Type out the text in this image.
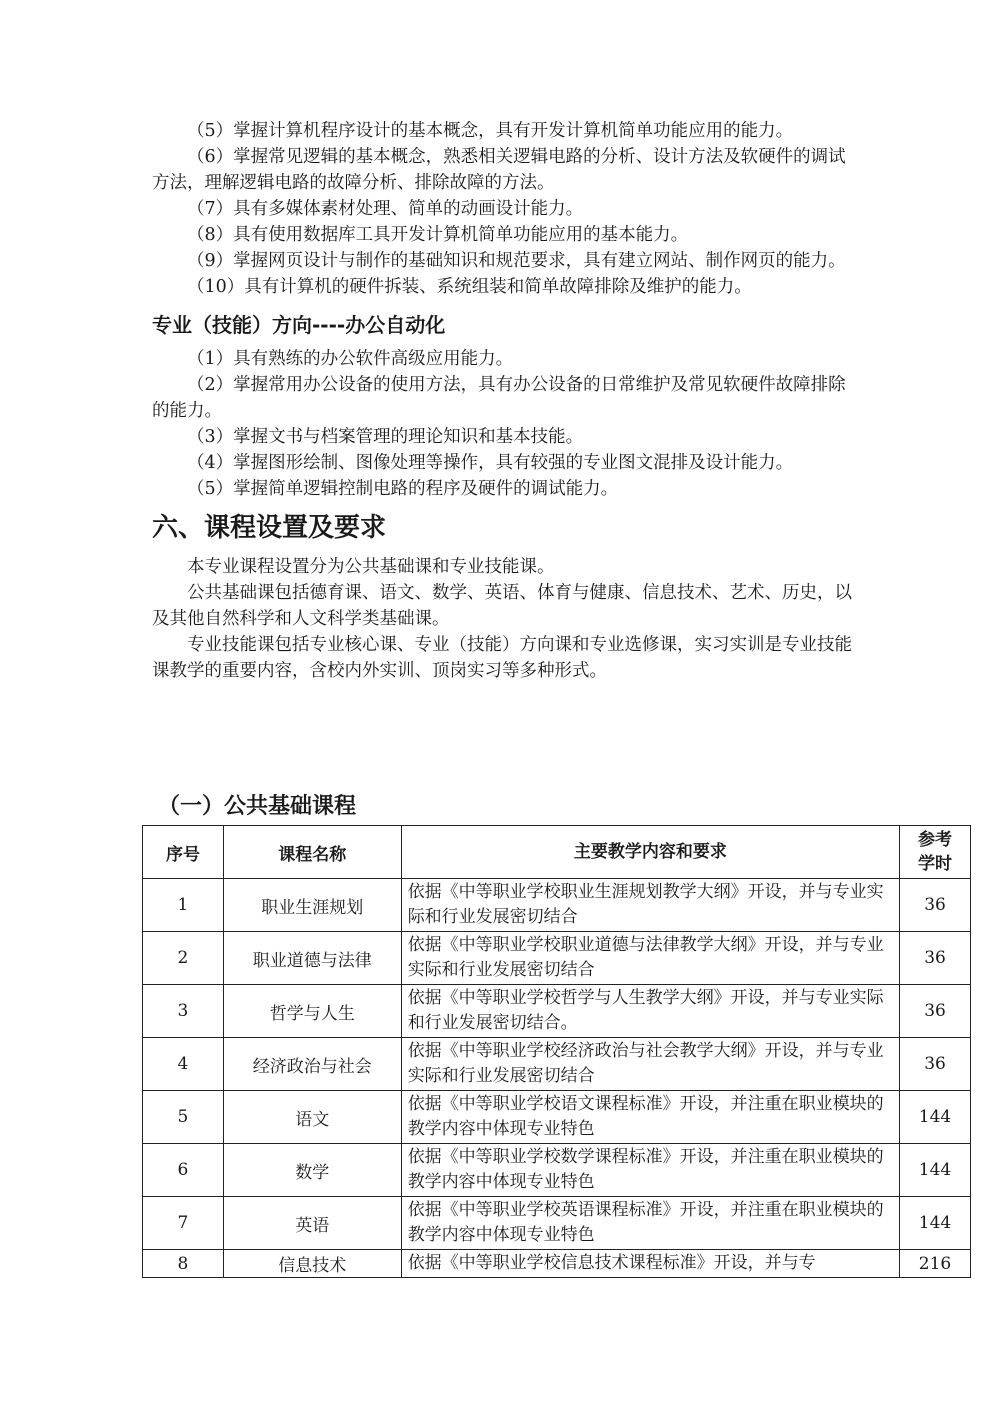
（5）掌握计算机程序设计的基本概念，具有开发计算机简单功能应用的能力。

（6）掌握常见逻辑的基本概念，熟悉相关逻辑电路的分析、设计方法及软硬件的调试方法，理解逻辑电路的故障分析、排除故障的方法。

（7）具有多媒体素材处理、简单的动画设计能力。

（8）具有使用数据库工具开发计算机简单功能应用的基本能力。

（9）掌握网页设计与制作的基础知识和规范要求，具有建立网站、制作网页的能力。

（10）具有计算机的硬件拆装、系统组装和简单故障排除及维护的能力。

专业（技能）方向----办公自动化

（1）具有熟练的办公软件高级应用能力。

（2）掌握常用办公设备的使用方法，具有办公设备的日常维护及常见软硬件故障排除的能力。

（3）掌握文书与档案管理的理论知识和基本技能。

（4）掌握图形绘制、图像处理等操作，具有较强的专业图文混排及设计能力。

（5）掌握简单逻辑控制电路的程序及硬件的调试能力。

六、课程设置及要求

本专业课程设置分为公共基础课和专业技能课。

公共基础课包括德育课、语文、数学、英语、体育与健康、信息技术、艺术、历史，以及其他自然科学和人文科学类基础课。

专业技能课包括专业核心课、专业（技能）方向课和专业选修课，实习实训是专业技能课教学的重要内容，含校内外实训、顶岗实习等多种形式。

（一）公共基础课程
序号	课程名称	主要教学内容和要求	参考
学时

1	职业生涯规划	依据《中等职业学校职业生涯规划教学大纲》开设，并与专业实际和行业发展密切结合	36
2	职业道德与法律	依据《中等职业学校职业道德与法律教学大纲》开设，并与专业实际和行业发展密切结合	36
3	哲学与人生	依据《中等职业学校哲学与人生教学大纲》开设，并与专业实际和行业发展密切结合。	36
4	经济政治与社会	依据《中等职业学校经济政治与社会教学大纲》开设，并与专业实际和行业发展密切结合	36
5	语文	依据《中等职业学校语文课程标准》开设，并注重在职业模块的教学内容中体现专业特色	144
6	数学	依据《中等职业学校数学课程标准》开设，并注重在职业模块的教学内容中体现专业特色	144
7	英语	依据《中等职业学校英语课程标准》开设，并注重在职业模块的教学内容中体现专业特色	144
8	信息技术	依据《中等职业学校信息技术课程标准》开设，并与专	216
